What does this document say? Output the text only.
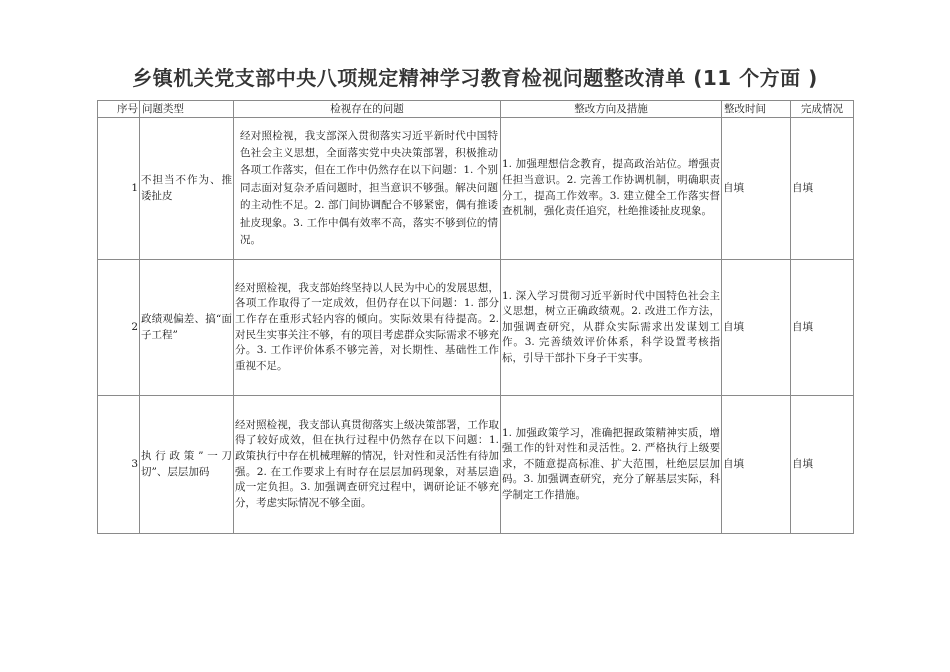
乡镇机关党支部中央八项规定精神学习教育检视问题整改清单 (11 个方面 )
序号	问题类型	检视存在的问题	整改方向及措施	整改时间	完成情况
1	不担当不作为、推诿扯皮	经对照检视，我支部深入贯彻落实习近平新时代中国特色社会主义思想，全面落实党中央决策部署，积极推动各项工作落实，但在工作中仍然存在以下问题：1. 个别同志面对复杂矛盾问题时，担当意识不够强。解决问题的主动性不足。2. 部门间协调配合不够紧密，偶有推诿扯皮现象。3. 工作中偶有效率不高，落实不够到位的情况。	1. 加强理想信念教育，提高政治站位。增强责任担当意识。2. 完善工作协调机制，明确职责分工，提高工作效率。3. 建立健全工作落实督查机制，强化责任追究，杜绝推诿扯皮现象。	自填	自填
2	政绩观偏差、搞“面子工程”	经对照检视，我支部始终坚持以人民为中心的发展思想，各项工作取得了一定成效，但仍存在以下问题：1. 部分工作存在重形式轻内容的倾向。实际效果有待提高。2. 对民生实事关注不够，有的项目考虑群众实际需求不够充分。3. 工作评价体系不够完善，对长期性、基础性工作重视不足。	1. 深入学习贯彻习近平新时代中国特色社会主义思想，树立正确政绩观。2. 改进工作方法，加强调查研究，从群众实际需求出发谋划工作。3. 完善绩效评价体系，科学设置考核指标，引导干部扑下身子干实事。	自填	自填
3	执行政策”一刀切”、层层加码	经对照检视，我支部认真贯彻落实上级决策部署，工作取得了较好成效，但在执行过程中仍然存在以下问题：1. 政策执行中存在机械理解的情况，针对性和灵活性有待加强。2. 在工作要求上有时存在层层加码现象，对基层造成一定负担。3. 加强调查研究过程中，调研论证不够充分，考虑实际情况不够全面。	1. 加强政策学习，准确把握政策精神实质，增强工作的针对性和灵活性。2. 严格执行上级要求，不随意提高标准、扩大范围，杜绝层层加码。3. 加强调查研究，充分了解基层实际，科学制定工作措施。	自填	自填
